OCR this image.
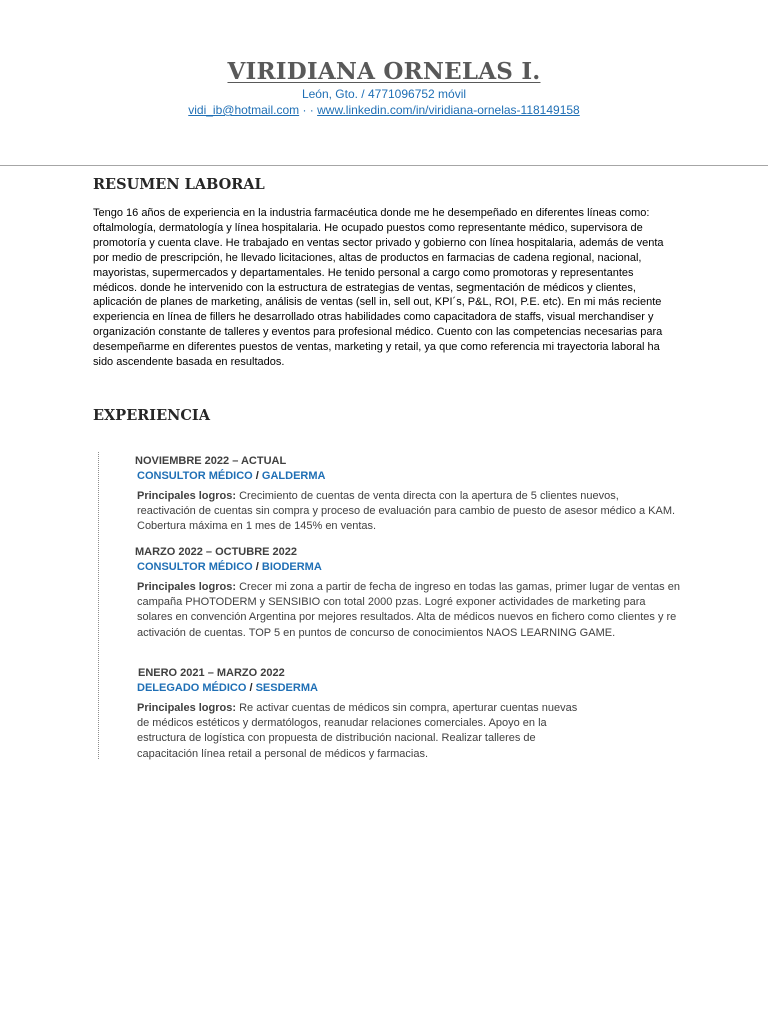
VIRIDIANA ORNELAS I.
León, Gto. / 4771096752 móvil
vidi_ib@hotmail.com · · www.linkedin.com/in/viridiana-ornelas-118149158
RESUMEN LABORAL

Tengo 16 años de experiencia en la industria farmacéutica donde me he desempeñado en diferentes líneas como: oftalmología, dermatología y línea hospitalaria. He ocupado puestos como representante médico, supervisora de promotoría y cuenta clave. He trabajado en ventas sector privado y gobierno con línea hospitalaria, además de venta por medio de prescripción, he llevado licitaciones, altas de productos en farmacias de cadena regional, nacional, mayoristas, supermercados y departamentales. He tenido personal a cargo como promotoras y representantes médicos. donde he intervenido con la estructura de estrategias de ventas, segmentación de médicos y clientes, aplicación de planes de marketing, análisis de ventas (sell in, sell out, KPI´s, P&L, ROI, P.E. etc). En mi más reciente experiencia en línea de fillers he desarrollado otras habilidades como capacitadora de staffs, visual merchandiser y organización constante de talleres y eventos para profesional médico. Cuento con las competencias necesarias para desempeñarme en diferentes puestos de ventas, marketing y retail, ya que como referencia mi trayectoria laboral ha sido ascendente basada en resultados.

EXPERIENCIA

NOVIEMBRE 2022 – ACTUAL

CONSULTOR MÉDICO / GALDERMA

Principales logros: Crecimiento de cuentas de venta directa con la apertura de 5 clientes nuevos, reactivación de cuentas sin compra y proceso de evaluación para cambio de puesto de asesor médico a KAM. Cobertura máxima en 1 mes de 145% en ventas.

MARZO 2022 – OCTUBRE 2022

CONSULTOR MÉDICO / BIODERMA

Principales logros: Crecer mi zona a partir de fecha de ingreso en todas las gamas, primer lugar de ventas en campaña PHOTODERM y SENSIBIO con total 2000 pzas. Logré exponer actividades de marketing para solares en convención Argentina por mejores resultados. Alta de médicos nuevos en fichero como clientes y re activación de cuentas. TOP 5 en puntos de concurso de conocimientos NAOS LEARNING GAME.

ENERO 2021 – MARZO 2022

DELEGADO MÉDICO / SESDERMA

Principales logros: Re activar cuentas de médicos sin compra, aperturar cuentas nuevas de médicos estéticos y dermatólogos, reanudar relaciones comerciales. Apoyo en la estructura de logística con propuesta de distribución nacional. Realizar talleres de capacitación línea retail a personal de médicos y farmacias.
